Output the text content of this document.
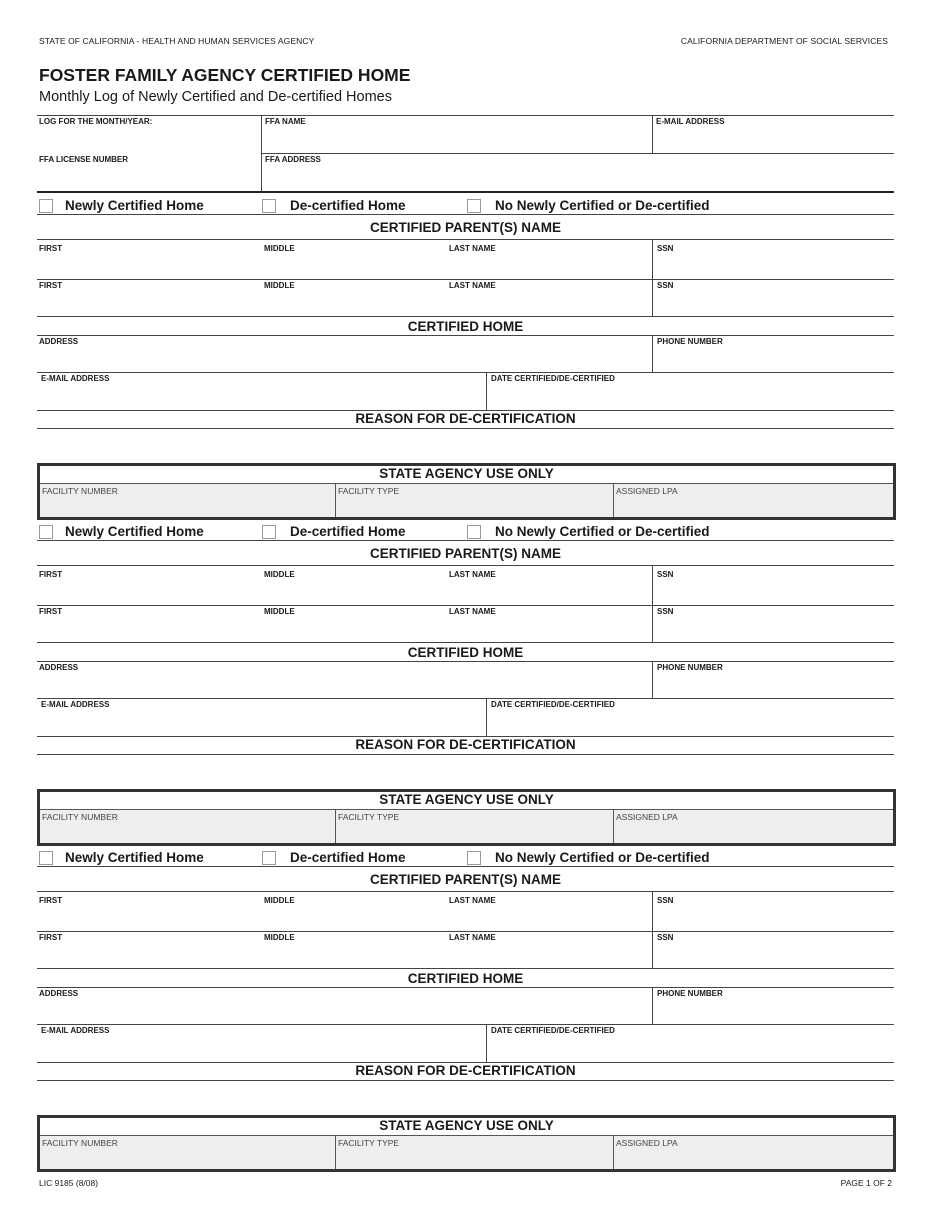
STATE OF CALIFORNIA - HEALTH AND HUMAN SERVICES AGENCY	CALIFORNIA DEPARTMENT OF SOCIAL SERVICES
FOSTER FAMILY AGENCY CERTIFIED HOME
Monthly Log of Newly Certified and De-certified Homes
LOG FOR THE MONTH/YEAR:	FFA NAME	E-MAIL ADDRESS
FFA LICENSE NUMBER	FFA ADDRESS
Newly Certified Home	De-certified Home	No Newly Certified or De-certified
CERTIFIED PARENT(S) NAME
FIRST	MIDDLE	LAST NAME	SSN
FIRST	MIDDLE	LAST NAME	SSN
CERTIFIED HOME
ADDRESS	PHONE NUMBER
E-MAIL ADDRESS	DATE CERTIFIED/DE-CERTIFIED
REASON FOR DE-CERTIFICATION
STATE AGENCY USE ONLY
FACILITY NUMBER	FACILITY TYPE	ASSIGNED LPA
Newly Certified Home	De-certified Home	No Newly Certified or De-certified
CERTIFIED PARENT(S) NAME
FIRST	MIDDLE	LAST NAME	SSN
FIRST	MIDDLE	LAST NAME	SSN
CERTIFIED HOME
ADDRESS	PHONE NUMBER
E-MAIL ADDRESS	DATE CERTIFIED/DE-CERTIFIED
REASON FOR DE-CERTIFICATION
STATE AGENCY USE ONLY
FACILITY NUMBER	FACILITY TYPE	ASSIGNED LPA
Newly Certified Home	De-certified Home	No Newly Certified or De-certified
CERTIFIED PARENT(S) NAME
FIRST	MIDDLE	LAST NAME	SSN
FIRST	MIDDLE	LAST NAME	SSN
CERTIFIED HOME
ADDRESS	PHONE NUMBER
E-MAIL ADDRESS	DATE CERTIFIED/DE-CERTIFIED
REASON FOR DE-CERTIFICATION
STATE AGENCY USE ONLY
FACILITY NUMBER	FACILITY TYPE	ASSIGNED LPA
LIC 9185 (8/08)	PAGE 1 OF 2
